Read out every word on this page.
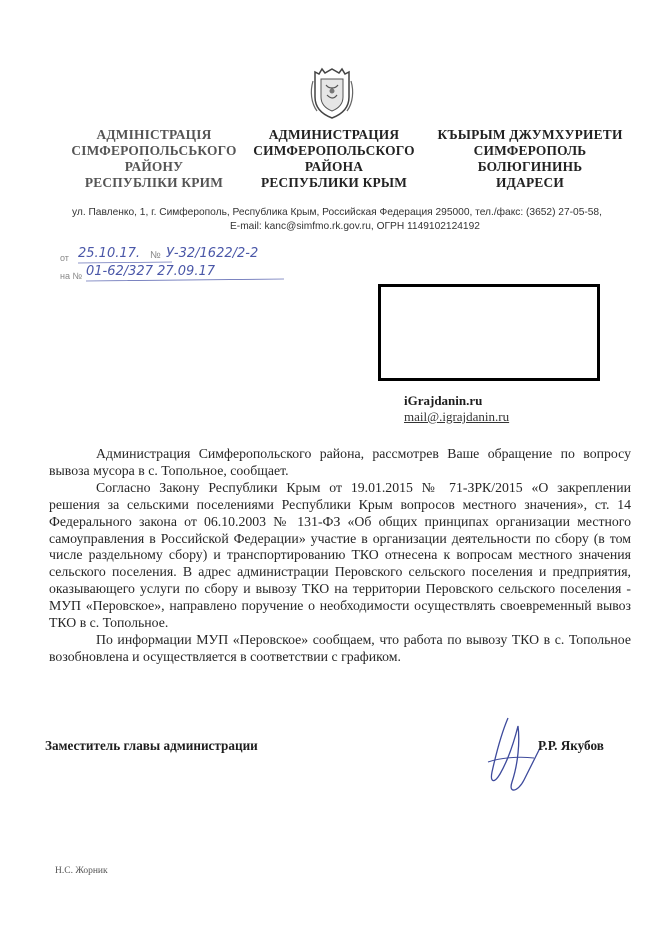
АДМІНІСТРАЦІЯ
СІМФЕРОПОЛЬСЬКОГО
РАЙОНУ
РЕСПУБЛІКИ КРИМ
АДМИНИСТРАЦИЯ
СИМФЕРОПОЛЬСКОГО
РАЙОНА
РЕСПУБЛИКИ КРЫМ
КЪЫРЫМ ДЖУМХУРИЕТИ
СИМФЕРОПОЛЬ
БОЛЮГИНИНЬ
ИДАРЕСИ
ул. Павленко, 1, г. Симферополь, Республика Крым, Российская Федерация 295000, тел./факс: (3652) 27-05-58,
E-mail: kanc@simfmo.rk.gov.ru, ОГРН 1149102124192
от 25.10.17. № У-32/1622/2-2
на № 01-62/327 27.09.17
iGrajdanin.ru
mail@.igrajdanin.ru

Администрация Симферопольского района, рассмотрев Ваше обращение по вопросу вывоза мусора в с. Топольное, сообщает.

Согласно Закону Республики Крым от 19.01.2015 № 71-ЗРК/2015 «О закреплении решения за сельскими поселениями Республики Крым вопросов местного значения», ст. 14 Федерального закона от 06.10.2003 № 131-ФЗ «Об общих принципах организации местного самоуправления в Российской Федерации» участие в организации деятельности по сбору (в том числе раздельному сбору) и транспортированию ТКО отнесена к вопросам местного значения сельского поселения. В адрес администрации Перовского сельского поселения и предприятия, оказывающего услуги по сбору и вывозу ТКО на территории Перовского сельского поселения - МУП «Перовское», направлено поручение о необходимости осуществлять своевременный вывоз ТКО в с. Топольное.

По информации МУП «Перовское» сообщаем, что работа по вывозу ТКО в с. Топольное возобновлена и осуществляется в соответствии с графиком.

Заместитель главы администрации	Р.Р. Якубов
Н.С. Жорник
